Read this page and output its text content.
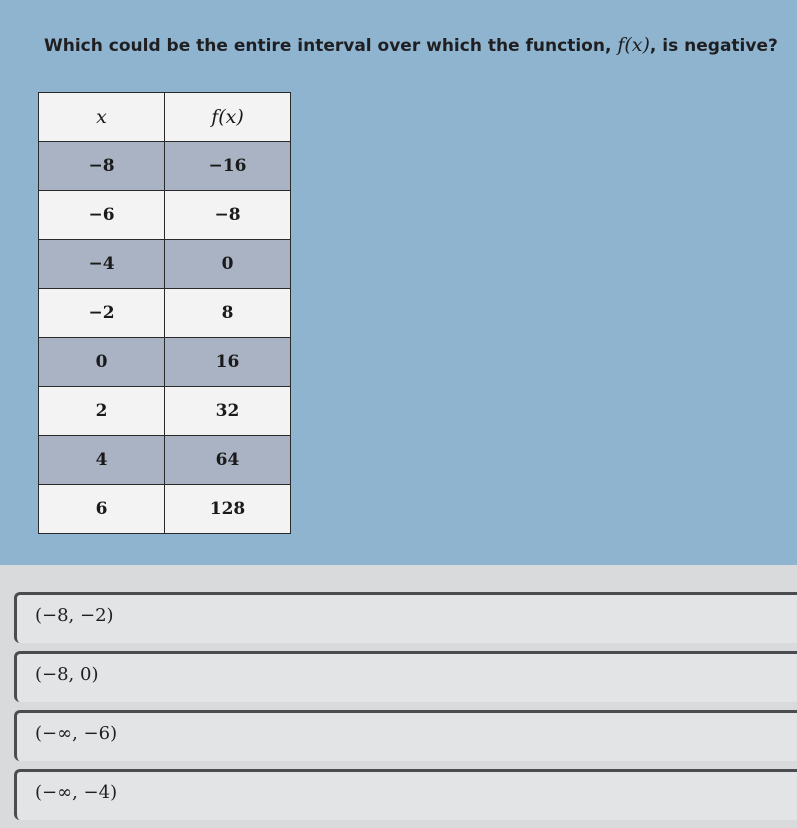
Which could be the entire interval over which the function, f(x), is negative?
x	f(x)
−8	−16
−6	−8
−4	0
−2	8
0	16
2	32
4	64
6	128
(−8, −2)
(−8, 0)
(−∞, −6)
(−∞, −4)
